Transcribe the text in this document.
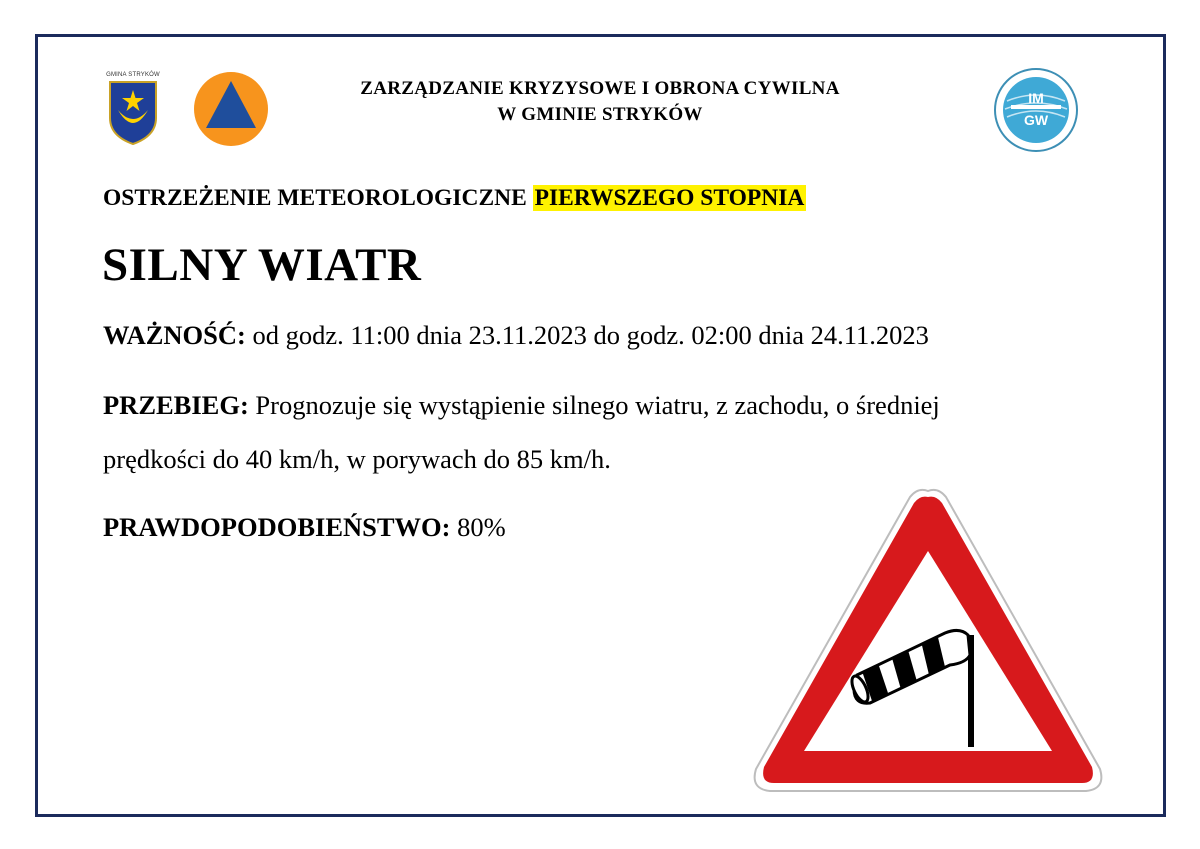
GMINA STRYKÓW
ZARZĄDZANIE KRYZYSOWE I OBRONA CYWILNA
W GMINIE STRYKÓW
IM
GW
OSTRZEŻENIE METEOROLOGICZNE PIERWSZEGO STOPNIA
SILNY WIATR
WAŻNOŚĆ: od godz. 11:00 dnia 23.11.2023 do godz. 02:00 dnia 24.11.2023
PRZEBIEG: Prognozuje się wystąpienie silnego wiatru, z zachodu, o średniej
prędkości do 40 km/h, w porywach do 85 km/h.
PRAWDOPODOBIEŃSTWO: 80%
